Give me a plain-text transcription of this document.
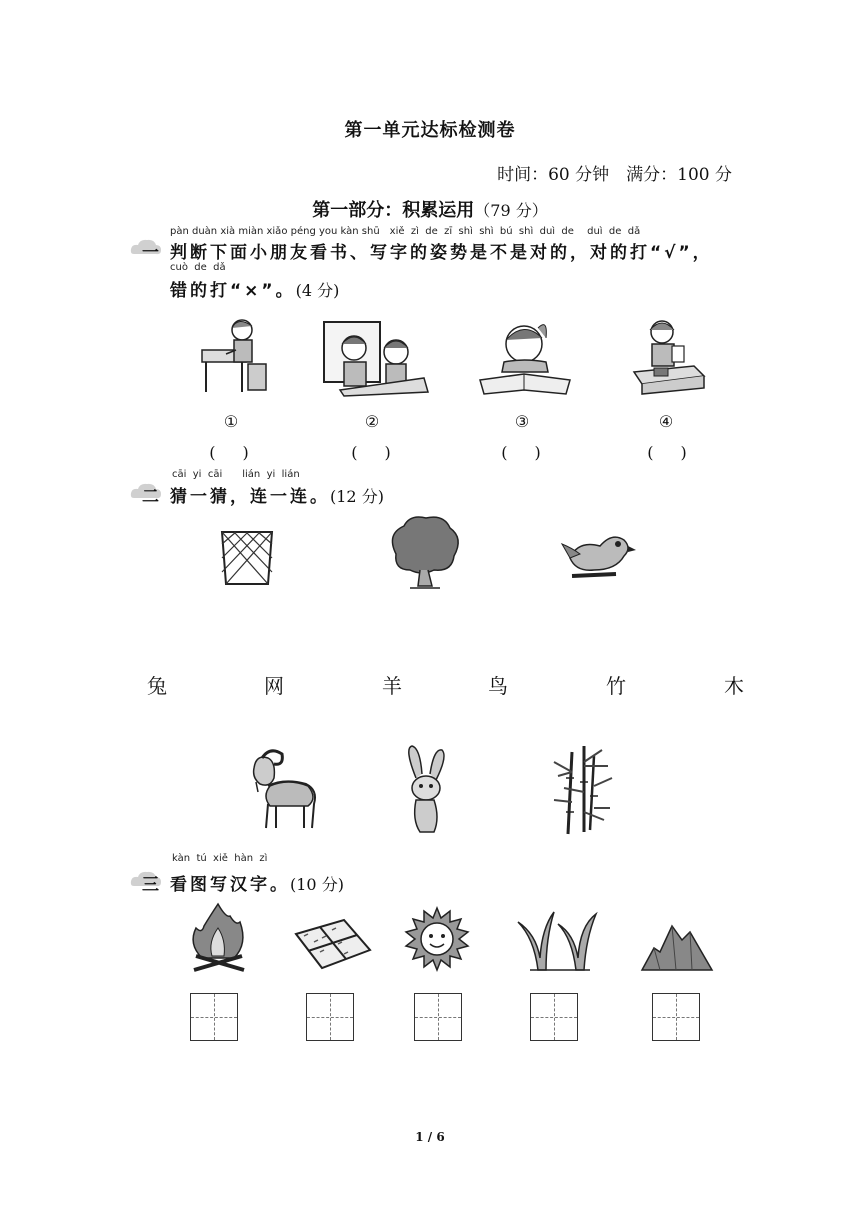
第一单元达标检测卷
时间：60 分钟　满分：100 分
第一部分：积累运用（79 分）
一
pàn duàn xià miàn xiǎo péng you kàn shū　xiě  zì  de  zī  shì  shì  bú  shì  duì  de　 duì  de  dǎ
判断下面小朋友看书、写字的姿势是不是对的，对的打“√”，
cuò  de  dǎ
错的打“×”。(4 分)
①	②	③	④
(　 )	(　 )	(　 )	(　 )
二
cāi  yi  cāi　　lián  yi  lián
猜一猜，连一连。(12 分)
兔	网	羊	鸟	竹	木
三
kàn  tú  xiě  hàn  zì
看图写汉字。(10 分)
1 / 6
